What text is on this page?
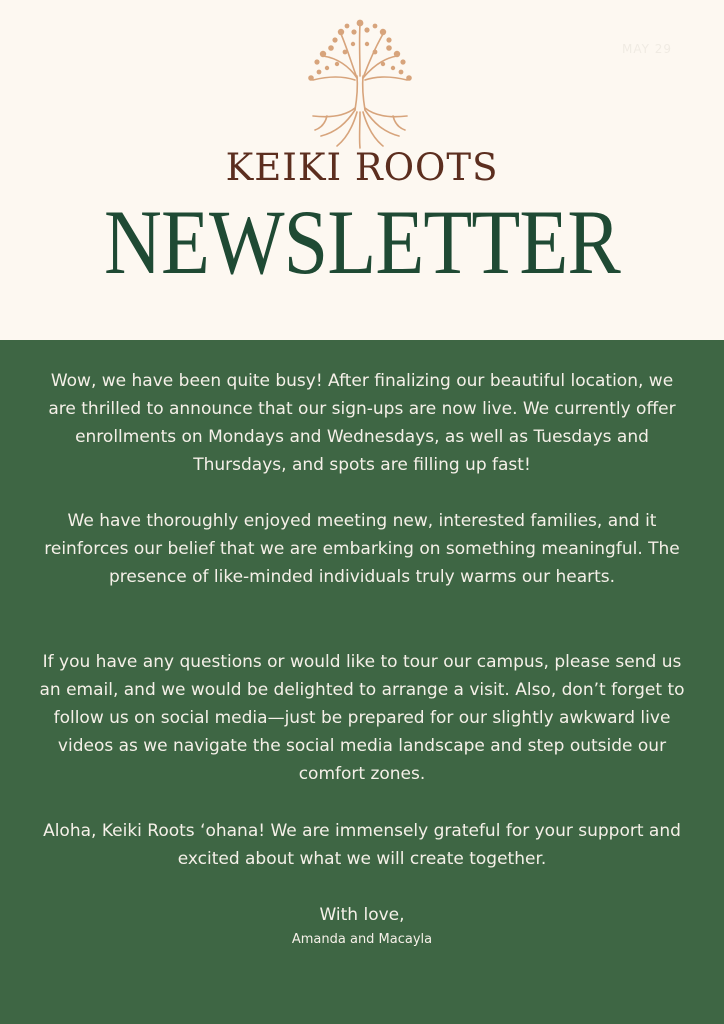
MAY 29
KEIKI ROOTS
NEWSLETTER

Wow, we have been quite busy! After finalizing our beautiful location, we are thrilled to announce that our sign-ups are now live. We currently offer enrollments on Mondays and Wednesdays, as well as Tuesdays and Thursdays, and spots are filling up fast!

We have thoroughly enjoyed meeting new, interested families, and it reinforces our belief that we are embarking on something meaningful. The presence of like-minded individuals truly warms our hearts.

If you have any questions or would like to tour our campus, please send us an email, and we would be delighted to arrange a visit. Also, don’t forget to follow us on social media—just be prepared for our slightly awkward live videos as we navigate the social media landscape and step outside our comfort zones.

Aloha, Keiki Roots ‘ohana! We are immensely grateful for your support and excited about what we will create together.

With love,

Amanda and Macayla
